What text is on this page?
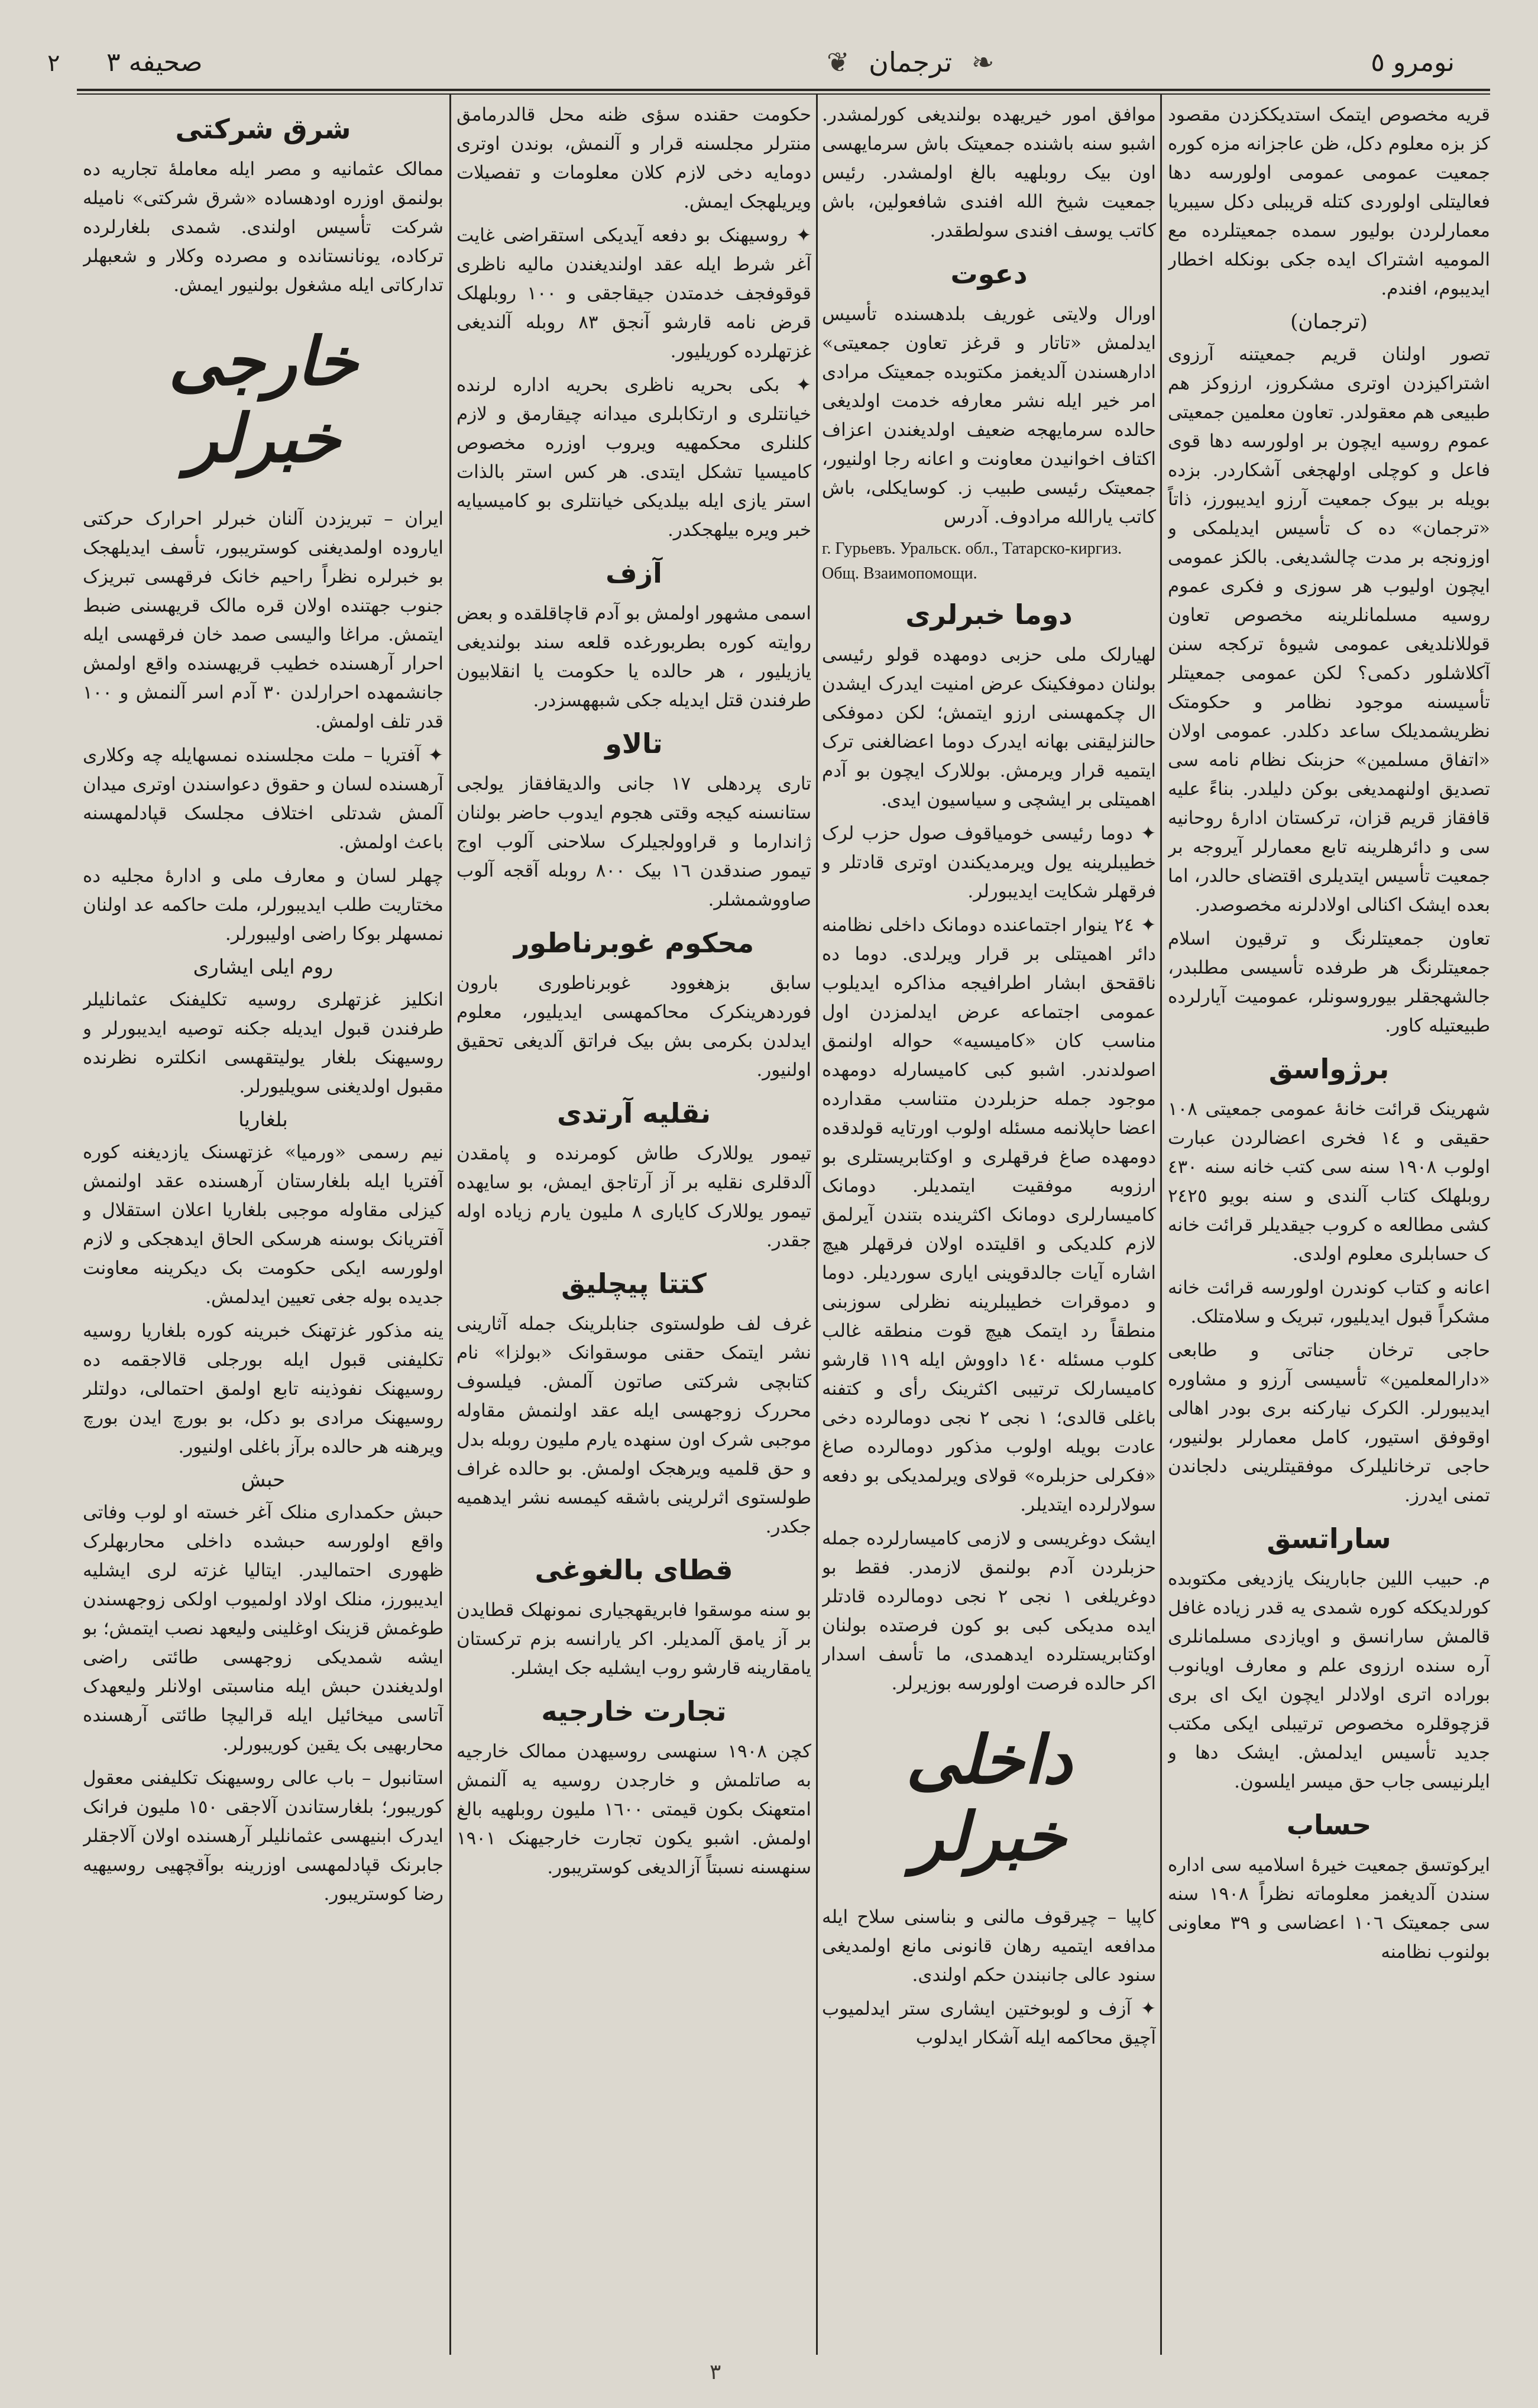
٢ صحیفه ٣	❦ ترجمان ❧	نومرو ٥

قریه مخصوص ایتمک استدیککزدن مقصود کز بزه معلوم دکل، ظن عاجزانه مزه کوره جمعیت عمومی عمومی اولورسه دها فعالیتلی اولوردی کتله قریبلی دکل سیبریا معمارلردن بولیور سمده جمعیتلرده مع المومیه اشتراک ایده جکی بونکله اخطار ایدیبوم، افندم.

(ترجمان)

تصور اولنان قریم جمعیتنه آرزوی اشتراکیزدن اوتری مشکروز، ارزوکز هم طبیعی هم معقولدر. تعاون معلمین جمعیتی عموم روسیه ایچون بر اولورسه دها قوی فاعل و کوچلی اولهجغی آشکاردر. بزده بویله بر بیوک جمعیت آرزو ایدیبورز، ذاتاً «ترجمان» ده ک تأسیس ایدیلمکی و اوزونجه بر مدت چالشدیغی. بالکز عمومی ایچون اولیوب هر سوزی و فکری عموم روسیه مسلمانلرینه مخصوص تعاون قوللانلدیغی عمومی شیوهٔ ترکجه سنن آکلاشلور دکمی؟ لکن عمومی جمعیتلر تأسیسنه موجود نظامر و حکومتک نظریشمدیلک ساعد دکلدر. عمومی اولان «اتفاق مسلمین» حزبنک نظام نامه سی تصدیق اولنهمدیغی بوکن دلیلدر. بناءً علیه قافقاز قریم قزان، ترکستان ادارهٔ روحانیه سی و دائرهلرینه تابع معمارلر آیروجه بر جمعیت تأسیس ایتدیلری اقتضای حالدر، اما بعده ایشک اکنالی اولادلرنه مخصوصدر.

تعاون جمعیتلرنگ و ترقیون اسلام جمعیتلرنگ هر طرفده تأسیسی مطلبدر، جالشهجقلر بیوروسونلر، عمومیت آیارلرده طبیعتیله کاور.

برژواسق

شهرینک قرائت خانهٔ عمومی جمعیتی ۱۰۸ حقیقی و ۱٤ فخری اعضالردن عبارت اولوب ۱۹۰۸ سنه سی کتب خانه سنه ٤۳۰ روبلهلک کتاب آلندی و سنه بویو ۲٤۲٥ کشی مطالعه ه کروب جیقدیلر قرائت خانه ک حسابلری معلوم اولدی.

اعانه و کتاب کوندرن اولورسه قرائت خانه مشکراً قبول ایدیلیور، تبریک و سلامتلک.

حاجی ترخان جناتی و طابعی «دارالمعلمین» تأسیسی آرزو و مشاوره ایدیبورلر. الکرک نیارکنه بری بودر اهالی اوقوفق استیور، کامل معمارلر بولنیور، حاجی ترخانلیلرک موفقیتلرینی دلجاندن تمنی ایدرز.

ساراتسق

م. حبیب اللین جابارینک یازدیغی مکتوبده کورلدیککه کوره شمدی یه قدر زیاده غافل قالمش سارانسق و اویازدی مسلمانلری آره سنده ارزوی علم و معارف اویانوب بوراده اتری اولادلر ایچون ایک ای بری قزچوقلره مخصوص ترتیبلی ایکی مکتب جدید تأسیس ایدلمش. ایشک دها و ایلرنیسی جاب حق میسر ایلسون.

حساب

ایرکوتسق جمعیت خیرهٔ اسلامیه سی اداره سندن آلدیغمز معلوماته نظراً ۱۹۰۸ سنه سی جمعیتک ۱۰٦ اعضاسی و ۳۹ معاونی بولنوب نظامنه

موافق امور خیریهده بولندیغی کورلمشدر. اشبو سنه باشنده جمعیتک باش سرمایهسی اون بیک روبلهیه بالغ اولمشدر. رئیس جمعیت شیخ الله افندی شافعولین، باش کاتب یوسف افندی سولطقدر.

دعوت

اورال ولایتی غوریف بلدهسنده تأسیس ایدلمش «تاتار و قرغز تعاون جمعیتی» ادارهسندن آلدیغمز مکتوبده جمعیتک مرادی امر خیر ایله نشر معارفه خدمت اولدیغی حالده سرمایهجه ضعیف اولدیغندن اعزاف اکتاف اخوانیدن معاونت و اعانه رجا اولنیور، جمعیتک رئیسی طبیب ز. کوسایکلی، باش کاتب یارالله مرادوف. آدرس

г. Гурьевъ. Уральск. обл., Татарско-киргиз. Общ. Взаимопомощи.

دوما خبرلری

لهیارلک ملی حزبی دومهده قولو رئیسی بولنان دموفکینک عرض امنیت ایدرک ایشدن ال چکمهسنی ارزو ایتمش؛ لکن دموفکی حالنزلیقنی بهانه ایدرک دوما اعضالغنی ترک ایتمیه قرار ویرمش. بوللارک ایچون بو آدم اهمیتلی بر ایشچی و سیاسیون ایدی.

✦ دوما رئیسی خومیاقوف صول حزب لرک خطیبلرینه یول ویرمدیکندن اوتری قادتلر و فرقهلر شکایت ایدیبورلر.

✦ ۲٤ ینوار اجتماعنده دومانک داخلی نظامنه دائر اهمیتلی بر قرار ویرلدی. دوما ده ناققحق ابشار اطرافیجه مذاکره ایدیلوب عمومی اجتماعه عرض ایدلمزدن اول مناسب کان «کامیسیه» حواله اولنمق اصولدندر. اشبو کبی کامیسارله دومهده موجود جمله حزبلردن متناسب مقدارده اعضا حاپلانمه مسئله اولوب اورتایه قولدقده دومهده صاغ فرقهلری و اوکتابریستلری بو ارزوبه موفقیت ایتمدیلر. دومانک کامیسارلری دومانک اکثرینده بتندن آیرلمق لازم کلدیکی و اقلیتده اولان فرقهلر هیچ اشاره آیات جالدقوینی ایاری سوردیلر. دوما و دموقرات خطیبلرینه نظرلی سوزبنی منطقاً رد ایتمک هیچ قوت منطقه غالب کلوب مسئله ۱٤۰ داووش ایله ۱۱۹ قارشو کامیسارلک ترتیبی اکثرینک رأی و کتفنه باغلی قالدی؛ ۱ نجی ۲ نجی دومالرده دخی عادت بویله اولوب مذکور دومالرده صاغ «فکرلی حزبلره» قولای ویرلمدیکی بو دفعه سولارلرده ایتدیلر.

ایشک دوغریسی و لازمی کامیسارلرده جمله حزبلردن آدم بولنمق لازمدر. فقط بو دوغریلغی ۱ نجی ۲ نجی دومالرده قادتلر ایده مدیکی کبی بو کون فرصتده بولنان اوکتابریستلرده ایدهمدی، ما تأسف اسدار اکر حالده فرصت اولورسه بوزیرلر.

داخلی خبرلر

کاپیا – چیرقوف مالنی و بناسنی سلاح ایله مدافعه ایتمیه رهان قانونی مانع اولمدیغی سنود عالی جانبندن حکم اولندی.

✦ آزف و لوبوختین ایشاری ستر ایدلمیوب آچیق محاکمه ایله آشکار ایدلوب

حکومت حقنده سؤی ظنه محل قالدرمامق منترلر مجلسنه قرار و آلنمش، بوندن اوتری دومایه دخی لازم کلان معلومات و تفصیلات ویریلهجک ایمش.

✦ روسیهنک بو دفعه آیدیکی استقراضی غایت آغر شرط ایله عقد اولندیغندن مالیه ناظری قوقوفجف خدمتدن جیقاجقی و ۱۰۰ روبلهلک قرض نامه قارشو آنجق ۸۳ روبله آلندیغی غزتهلرده کوریلیور.

✦ بکی بحریه ناظری بحریه اداره لرنده خیانتلری و ارتکابلری میدانه چیقارمق و لازم کلنلری محکمهیه ویروب اوزره مخصوص کامیسیا تشکل ایتدی. هر کس استر بالذات استر یازی ایله بیلدیکی خیانتلری بو کامیسیایه خبر ویره بیلهجکدر.

آزف

اسمی مشهور اولمش بو آدم قاچاقلقده و بعض روایته کوره بطربورغده قلعه سند بولندیغی یازیلیور ، هر حالده یا حکومت یا انقلابیون طرفندن قتل ایدیله جکی شبههسزدر.

تالاو

تاری پردهلی ۱۷ جانی والدیقافقاز یولجی ستانسنه کیجه وقتی هجوم ایدوب حاضر بولنان ژاندارما و قراوولجیلرک سلاحنی آلوب اوج تیمور صندقدن ۱٦ بیک ۸۰۰ روبله آقجه آلوب صاووشمشلر.

محکوم غوبرناطور

سابق بزهغوود غوبرناطوری بارون فوردهرینکرک محاکمهسی ایدیلیور، معلوم ایدلدن بکرمی بش بیک فراتق آلدیغی تحقیق اولنیور.

نقلیه آرتدی

تیمور یوللارک طاش کومرنده و پامقدن آلدقلری نقلیه بر آز آرتاجق ایمش، بو سایهده تیمور یوللارک کایاری ۸ ملیون یارم زیاده اوله جقدر.

کتتا پیچلیق

غرف لف طولستوی جنابلرینک جمله آثارینی نشر ایتمک حقنی موسقوانک «بولزا» نام کتابچی شرکتی صاتون آلمش. فیلسوف محررک زوجهسی ایله عقد اولنمش مقاوله موجبی شرک اون سنهده یارم ملیون روبله بدل و حق قلمیه ویرهجک اولمش. بو حالده غراف طولستوی اثرلرینی باشقه کیمسه نشر ایدهمیه جکدر.

قطای بالغوغی

بو سنه موسقوا فابریقهجیاری نمونهلک قطایدن بر آز یامق آلمدیلر. اکر یارانسه بزم ترکستان یامقارینه قارشو روب ایشلیه جک ایشلر.

تجارت خارجیه

کچن ۱۹۰۸ سنهسی روسیهدن ممالک خارجیه به صاتلمش و خارجدن روسیه یه آلنمش امتعهنک بکون قیمتی ۱٦۰۰ ملیون روبلهیه بالغ اولمش. اشبو یکون تجارت خارجیهنک ۱۹۰۱ سنهسنه نسبتاً آزالدیغی کوستریبور.

شرق شرکتی

ممالک عثمانیه و مصر ایله معاملهٔ تجاریه ده بولنمق اوزره اودهساده «شرق شرکتی» نامیله شرکت تأسیس اولندی. شمدی بلغارلرده ترکاده، یونانستانده و مصرده وکلار و شعبهلر تدارکاتی ایله مشغول بولنیور ایمش.

خارجی خبرلر

ایران – تبریزدن آلنان خبرلر احرارک حرکتی ایاروده اولمدیغنی کوستریبور، تأسف ایدیلهجک بو خبرلره نظراً راحیم خانک فرقهسی تبریزک جنوب جهتنده اولان قره مالک قریهسنی ضبط ایتمش. مراغا والیسی صمد خان فرقهسی ایله احرار آرهسنده خطیب قریهسنده واقع اولمش جانشمهده احرارلدن ۳۰ آدم اسر آلنمش و ۱۰۰ قدر تلف اولمش.

✦ آفتریا – ملت مجلسنده نمسهایله چه وکلاری آرهسنده لسان و حقوق دعواسندن اوتری میدان آلمش شدتلی اختلاف مجلسک قپادلمهسنه باعث اولمش.

چهلر لسان و معارف ملی و ادارهٔ مجلیه ده مختاریت طلب ایدیبورلر، ملت حاکمه عد اولنان نمسهلر بوکا راضی اولیبورلر.

روم ایلی ایشاری

انکلیز غزتهلری روسیه تکلیفنک عثمانلیلر طرفندن قبول ایدیله جکنه توصیه ایدیبورلر و روسیهنک بلغار یولیتقهسی انکلتره نظرنده مقبول اولدیغنی سویلیورلر.

بلغاریا

نیم رسمی «ورمیا» غزتهسنک یازدیغنه کوره آفتریا ایله بلغارستان آرهسنده عقد اولنمش کیزلی مقاوله موجبی بلغاریا اعلان استقلال و آفتریانک بوسنه هرسکی الحاق ایدهجکی و لازم اولورسه ایکی حکومت بک دیکرینه معاونت جدیده بوله جغی تعیین ایدلمش.

ینه مذکور غزتهنک خبرینه کوره بلغاریا روسیه تکلیفنی قبول ایله بورجلی قالاجقمه ده روسیهنک نفوذینه تابع اولمق احتمالی، دولتلر روسیهنک مرادی بو دکل، بو بورچ ایدن بورچ ویرهنه هر حالده برآز باغلی اولنیور.

حبش

حبش حکمداری منلک آغر خسته او لوب وفاتی واقع اولورسه حبشده داخلی محاربهلرک ظهوری احتمالیدر. ایتالیا غزته لری ایشلیه ایدیبورز، منلک اولاد اولمیوب اولکی زوجهسندن طوغمش قزینک اوغلینی ولیعهد نصب ایتمش؛ بو ایشه شمدیکی زوجهسی طائتی راضی اولدیغندن حبش ایله مناسبتی اولانلر ولیعهدک آتاسی میخائیل ایله قرالیچا طائتی آرهسنده محاربهیی بک یقین کوریبورلر.

استانبول – باب عالی روسیهنک تکلیفنی معقول کوریبور؛ بلغارستاندن آلاجقی ۱٥۰ ملیون فرانک ایدرک ابنیهسی عثمانلیلر آرهسنده اولان آلاجقلر جابرنک قپادلمهسی اوزرینه بوآقچهیی روسیهیه رضا کوستریبور.

٣
